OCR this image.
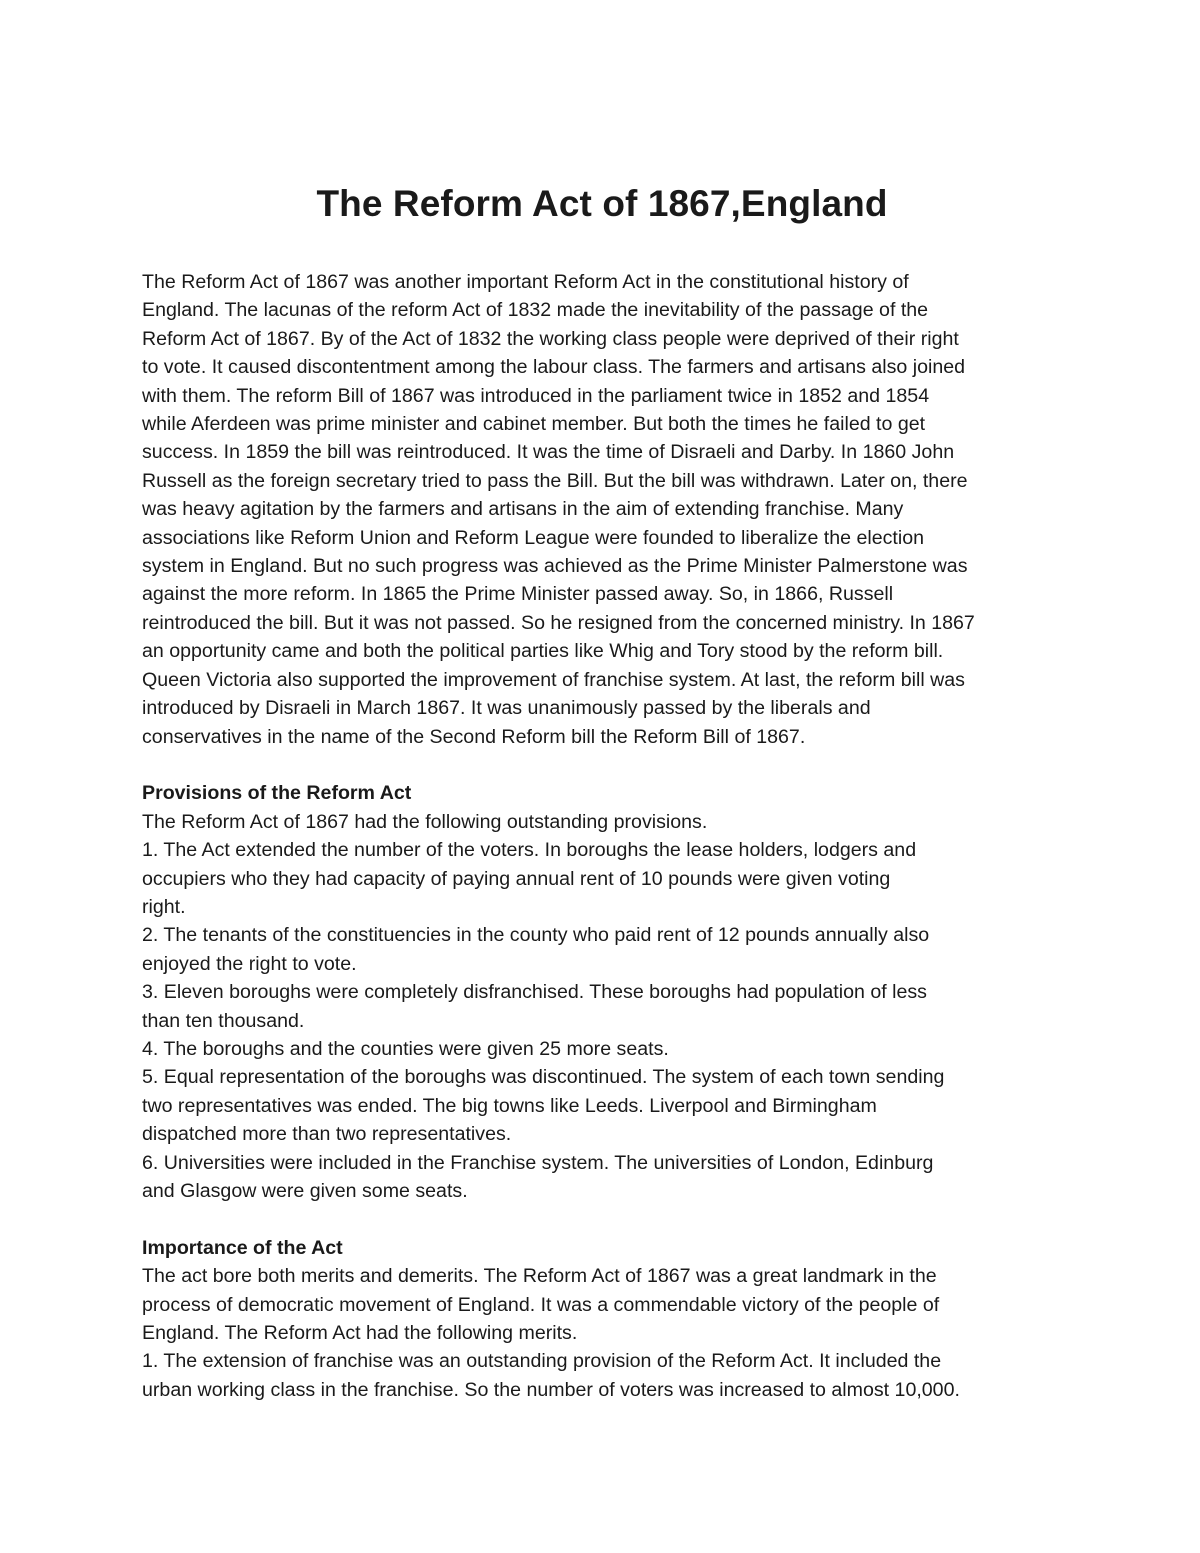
The Reform Act of 1867,England
The Reform Act of 1867 was another important Reform Act in the constitutional history of
England. The lacunas of the reform Act of 1832 made the inevitability of the passage of the
Reform Act of 1867. By of the Act of 1832 the working class people were deprived of their right
to vote. It caused discontentment among the labour class. The farmers and artisans also joined
with them. The reform Bill of 1867 was introduced in the parliament twice in 1852 and 1854
while Aferdeen was prime minister and cabinet member. But both the times he failed to get
success. In 1859 the bill was reintroduced. It was the time of Disraeli and Darby. In 1860 John
Russell as the foreign secretary tried to pass the Bill. But the bill was withdrawn. Later on, there
was heavy agitation by the farmers and artisans in the aim of extending franchise. Many
associations like Reform Union and Reform League were founded to liberalize the election
system in England. But no such progress was achieved as the Prime Minister Palmerstone was
against the more reform. In 1865 the Prime Minister passed away. So, in 1866, Russell
reintroduced the bill. But it was not passed. So he resigned from the concerned ministry. In 1867
an opportunity came and both the political parties like Whig and Tory stood by the reform bill.
Queen Victoria also supported the improvement of franchise system. At last, the reform bill was
introduced by Disraeli in March 1867. It was unanimously passed by the liberals and
conservatives in the name of the Second Reform bill the Reform Bill of 1867.
Provisions of the Reform Act
The Reform Act of 1867 had the following outstanding provisions.
1. The Act extended the number of the voters. In boroughs the lease holders, lodgers and
occupiers who they had capacity of paying annual rent of 10 pounds were given voting
right.
2. The tenants of the constituencies in the county who paid rent of 12 pounds annually also
enjoyed the right to vote.
3. Eleven boroughs were completely disfranchised. These boroughs had population of less
than ten thousand.
4. The boroughs and the counties were given 25 more seats.
5. Equal representation of the boroughs was discontinued. The system of each town sending
two representatives was ended. The big towns like Leeds. Liverpool and Birmingham
dispatched more than two representatives.
6. Universities were included in the Franchise system. The universities of London, Edinburg
and Glasgow were given some seats.
Importance of the Act
The act bore both merits and demerits. The Reform Act of 1867 was a great landmark in the
process of democratic movement of England. It was a commendable victory of the people of
England. The Reform Act had the following merits.
1. The extension of franchise was an outstanding provision of the Reform Act. It included the
urban working class in the franchise. So the number of voters was increased to almost 10,000.
